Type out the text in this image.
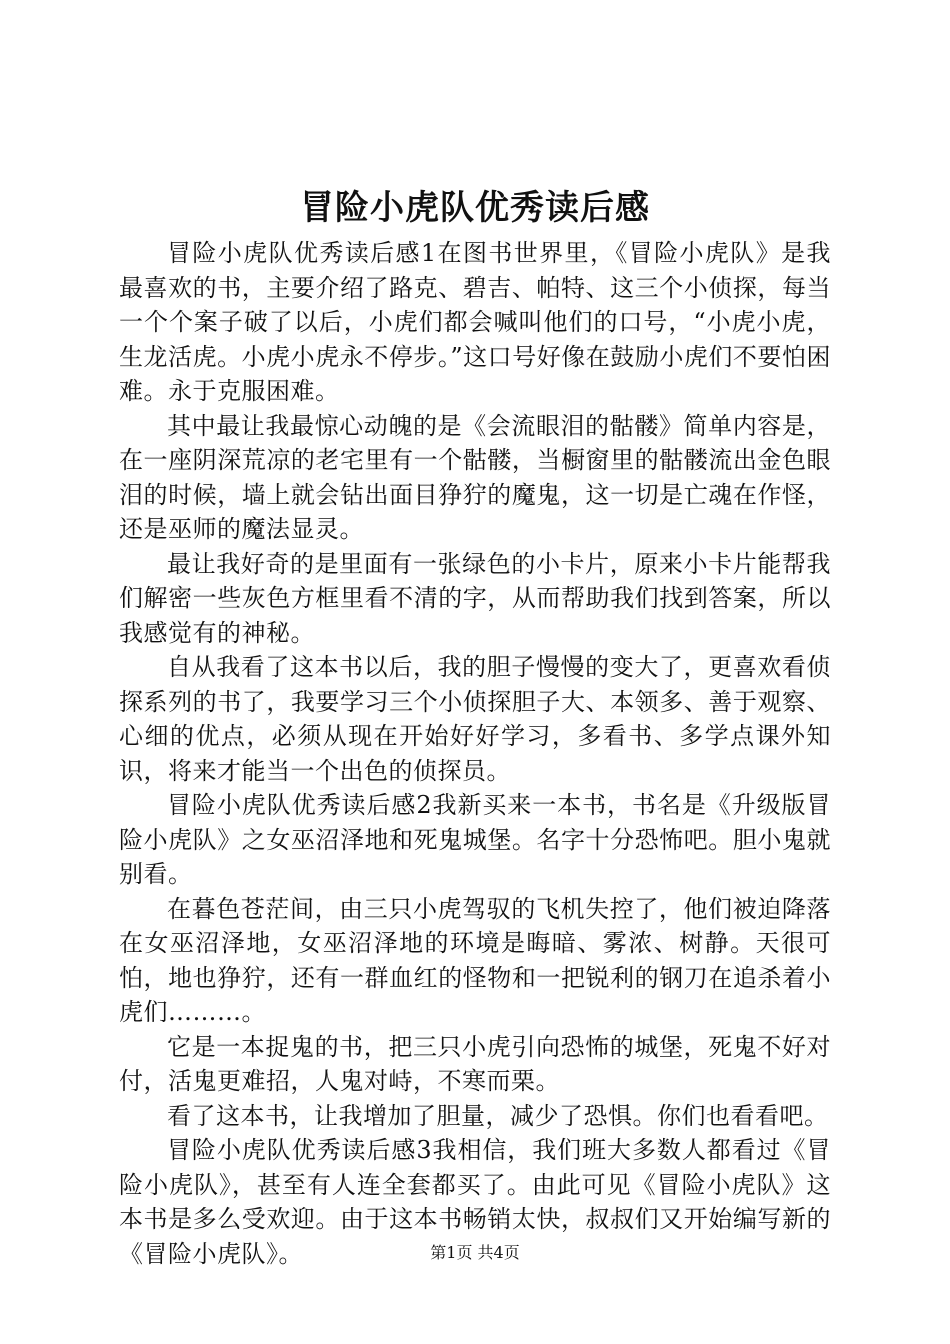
冒险小虎队优秀读后感

冒险小虎队优秀读后感1在图书世界里，《冒险小虎队》是我最喜欢的书，主要介绍了路克、碧吉、帕特、这三个小侦探，每当一个个案子破了以后，小虎们都会喊叫他们的口号，“小虎小虎，生龙活虎。小虎小虎永不停步。”这口号好像在鼓励小虎们不要怕困难。永于克服困难。

其中最让我最惊心动魄的是《会流眼泪的骷髅》简单内容是，在一座阴深荒凉的老宅里有一个骷髅，当橱窗里的骷髅流出金色眼泪的时候，墙上就会钻出面目狰狞的魔鬼，这一切是亡魂在作怪，还是巫师的魔法显灵。

最让我好奇的是里面有一张绿色的小卡片，原来小卡片能帮我们解密一些灰色方框里看不清的字，从而帮助我们找到答案，所以我感觉有的神秘。

自从我看了这本书以后，我的胆子慢慢的变大了，更喜欢看侦探系列的书了，我要学习三个小侦探胆子大、本领多、善于观察、心细的优点，必须从现在开始好好学习，多看书、多学点课外知识，将来才能当一个出色的侦探员。

冒险小虎队优秀读后感2我新买来一本书，书名是《升级版冒险小虎队》之女巫沼泽地和死鬼城堡。名字十分恐怖吧。胆小鬼就别看。

在暮色苍茫间，由三只小虎驾驭的飞机失控了，他们被迫降落在女巫沼泽地，女巫沼泽地的环境是晦暗、雾浓、树静。天很可怕，地也狰狞，还有一群血红的怪物和一把锐利的钢刀在追杀着小虎们………。

它是一本捉鬼的书，把三只小虎引向恐怖的城堡，死鬼不好对付，活鬼更难招，人鬼对峙，不寒而栗。

看了这本书，让我增加了胆量，减少了恐惧。你们也看看吧。

冒险小虎队优秀读后感3我相信，我们班大多数人都看过《冒险小虎队》，甚至有人连全套都买了。由此可见《冒险小虎队》这本书是多么受欢迎。由于这本书畅销太快，叔叔们又开始编写新的《冒险小虎队》。	第1页 共4页
